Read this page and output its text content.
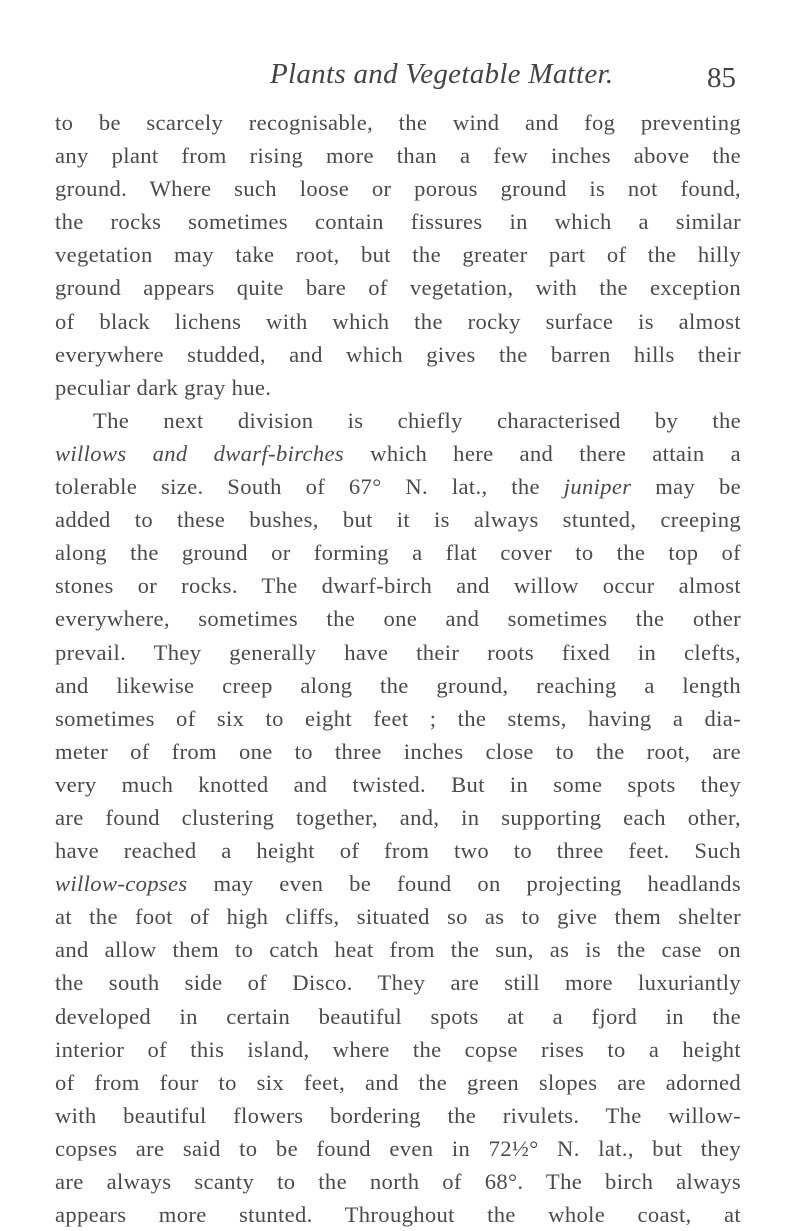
Plants and Vegetable Matter.	85
to be scarcely recognisable, the wind and fog preventing
any plant from rising more than a few inches above the
ground. Where such loose or porous ground is not found,
the rocks sometimes contain fissures in which a similar
vegetation may take root, but the greater part of the hilly
ground appears quite bare of vegetation, with the exception
of black lichens with which the rocky surface is almost
everywhere studded, and which gives the barren hills their
peculiar dark gray hue.
The next division is chiefly characterised by the
willows and dwarf-birches which here and there attain a
tolerable size. South of 67° N. lat., the juniper may be
added to these bushes, but it is always stunted, creeping
along the ground or forming a flat cover to the top of
stones or rocks. The dwarf-birch and willow occur almost
everywhere, sometimes the one and sometimes the other
prevail. They generally have their roots fixed in clefts,
and likewise creep along the ground, reaching a length
sometimes of six to eight feet ; the stems, having a dia-
meter of from one to three inches close to the root, are
very much knotted and twisted. But in some spots they
are found clustering together, and, in supporting each other,
have reached a height of from two to three feet. Such
willow-copses may even be found on projecting headlands
at the foot of high cliffs, situated so as to give them shelter
and allow them to catch heat from the sun, as is the case on
the south side of Disco. They are still more luxuriantly
developed in certain beautiful spots at a fjord in the
interior of this island, where the copse rises to a height
of from four to six feet, and the green slopes are adorned
with beautiful flowers bordering the rivulets. The willow-
copses are said to be found even in 72½° N. lat., but they
are always scanty to the north of 68°. The birch always
appears more stunted. Throughout the whole coast, at
